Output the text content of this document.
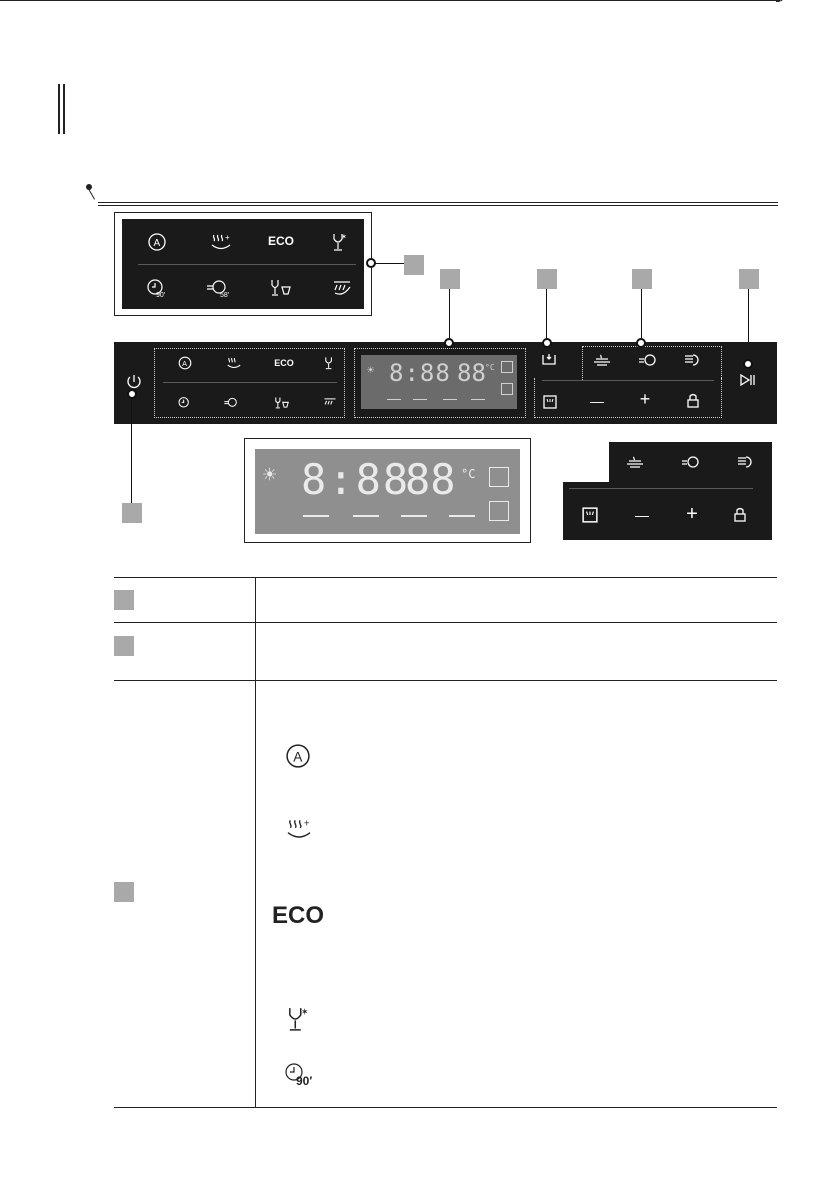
A
+	ECO	✶
90′	58′
A	ECO	☀ 8:88 88 °C
—	+
☀ 8:88
88 °C
— +
A
+
ECO
✶
90′
